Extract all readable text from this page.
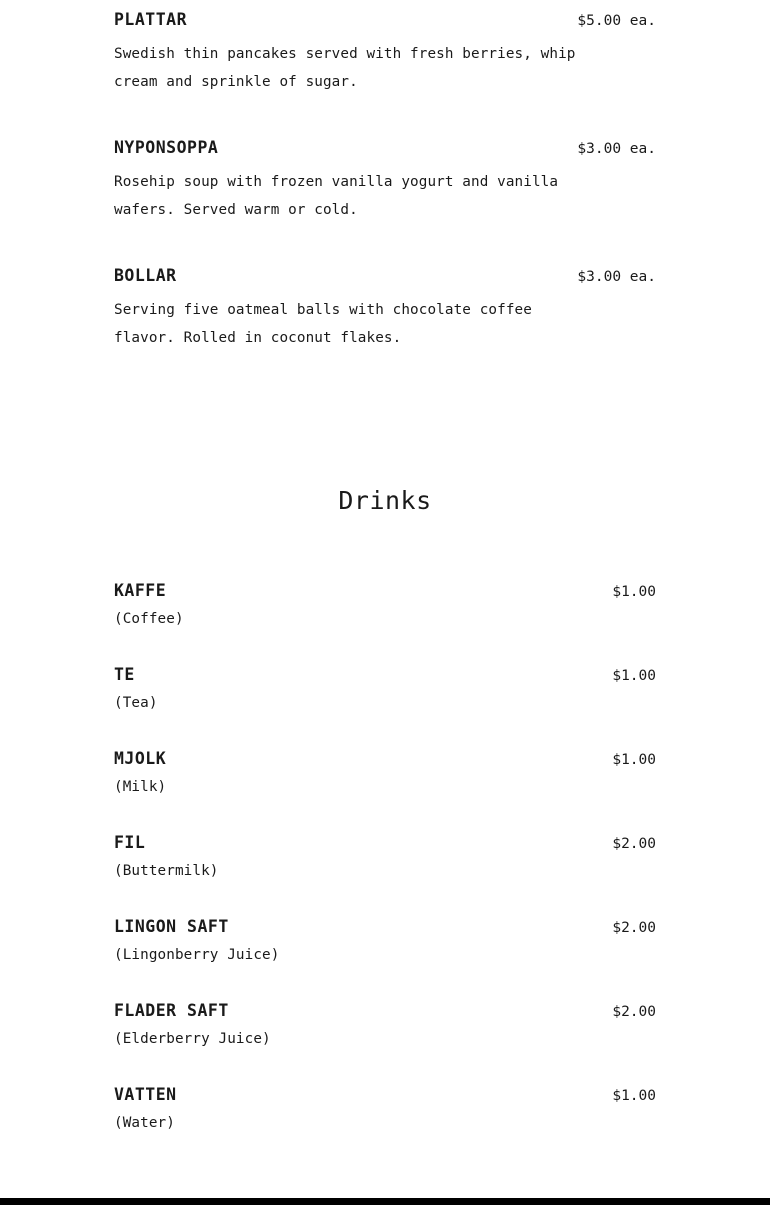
PLATTAR	$5.00 ea.
Swedish thin pancakes served with fresh berries, whip cream and sprinkle of sugar.
NYPONSOPPA	$3.00 ea.
Rosehip soup with frozen vanilla yogurt and vanilla wafers. Served warm or cold.
BOLLAR	$3.00 ea.
Serving five oatmeal balls with chocolate coffee flavor. Rolled in coconut flakes.
Drinks
KAFFE	$1.00
(Coffee)
TE	$1.00
(Tea)
MJOLK	$1.00
(Milk)
FIL	$2.00
(Buttermilk)
LINGON SAFT	$2.00
(Lingonberry Juice)
FLADER SAFT	$2.00
(Elderberry Juice)
VATTEN	$1.00
(Water)
